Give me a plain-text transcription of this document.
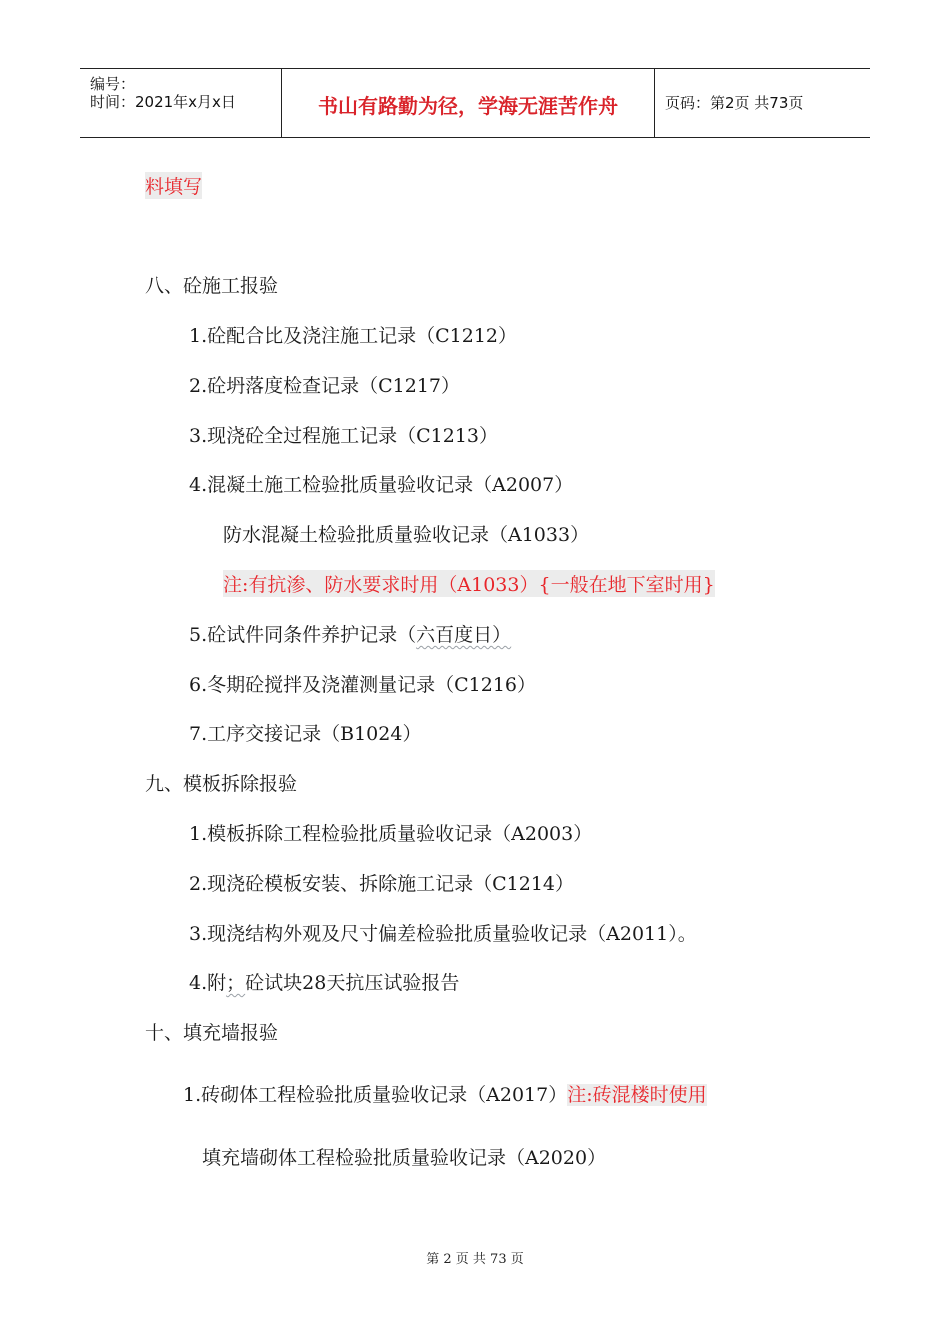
编号：
时间：2021年x月x日	书山有路勤为径，学海无涯苦作舟	页码：第2页 共73页
料填写
八、砼施工报验
1.砼配合比及浇注施工记录（C1212）
2.砼坍落度检查记录（C1217）
3.现浇砼全过程施工记录（C1213）
4.混凝土施工检验批质量验收记录（A2007）
防水混凝土检验批质量验收记录（A1033）
注:有抗渗、防水要求时用（A1033）{一般在地下室时用}
5.砼试件同条件养护记录（六百度日）
6.冬期砼搅拌及浇灌测量记录（C1216）
7.工序交接记录（B1024）
九、模板拆除报验
1.模板拆除工程检验批质量验收记录（A2003）
2.现浇砼模板安装、拆除施工记录（C1214）
3.现浇结构外观及尺寸偏差检验批质量验收记录（A2011）。
4.附；砼试块28天抗压试验报告
十、填充墙报验
1.砖砌体工程检验批质量验收记录（A2017）注:砖混楼时使用
填充墙砌体工程检验批质量验收记录（A2020）
第 2 页 共 73 页
